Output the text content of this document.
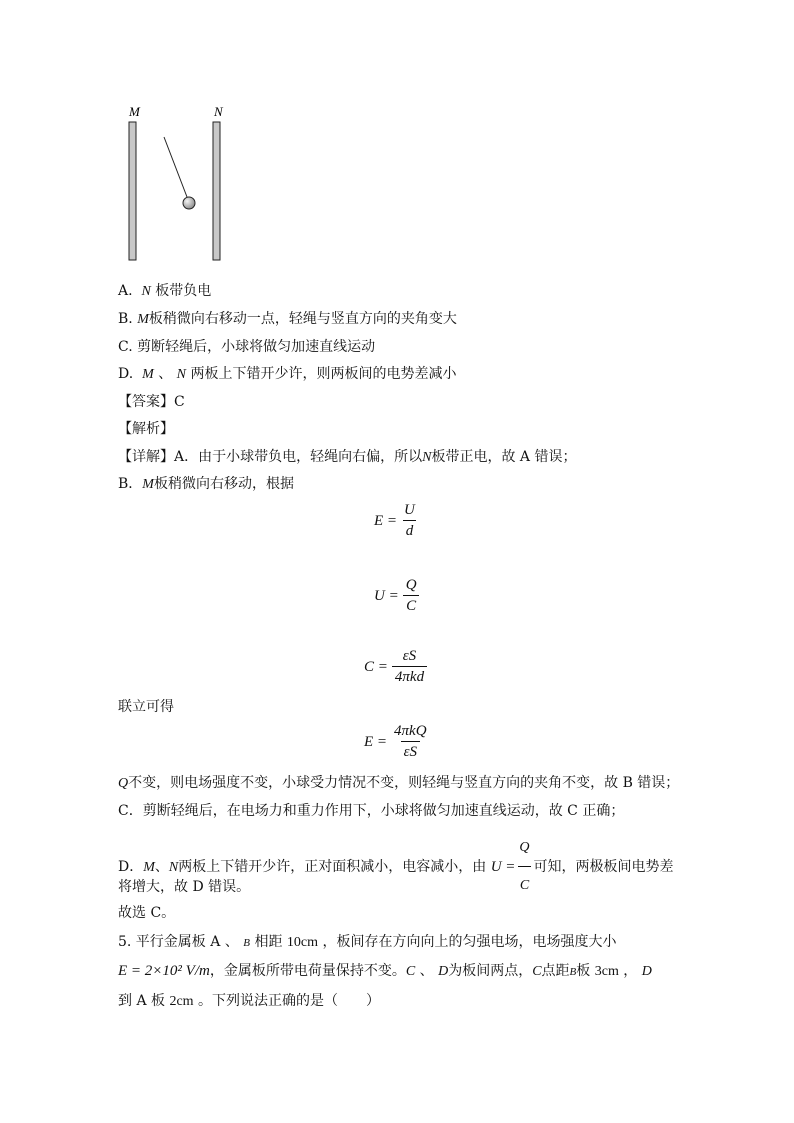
M	N
A. N 板带负电
B. M板稍微向右移动一点，轻绳与竖直方向的夹角变大
C. 剪断轻绳后，小球将做匀加速直线运动
D. M 、 N 两板上下错开少许，则两板间的电势差减小
【答案】C
【解析】
【详解】A．由于小球带负电，轻绳向右偏，所以N板带正电，故 A 错误；
B．M板稍微向右移动，根据
$E = \frac{U}{d}$
$U = \frac{Q}{C}$
$C = \frac{\varepsilon S}{\text{4πkd}}$
联立可得
$E = \frac{\text{4πkQ}}{\varepsilon S}$
Q不变，则电场强度不变，小球受力情况不变，则轻绳与竖直方向的夹角不变，故 B 错误；
C．剪断轻绳后，在电场力和重力作用下，小球将做匀加速直线运动，故 C 正确；
D．M、N两板上下错开少许，正对面积减小，电容减小，由 $U = \frac{Q}{C}$ 可知，两极板间电势差
将增大，故 D 错误。
故选 C。
5. 平行金属板 A 、 B 相距 10cm ，板间存在方向向上的匀强电场，电场强度大小
E = 2×10² V/m，金属板所带电荷量保持不变。C 、 D为板间两点，C点距B板 3cm ， D
到 A 板 2cm 。下列说法正确的是（　　）
